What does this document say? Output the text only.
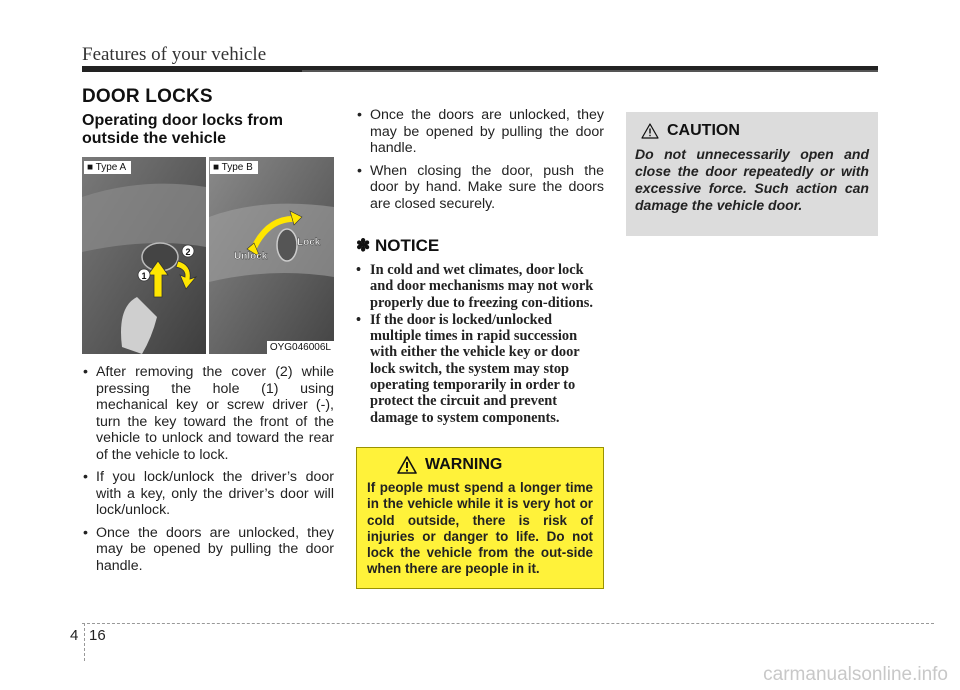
Features of your vehicle
DOOR LOCKS
Operating door locks from outside the vehicle
1
2	Unlock
Lock
■ Type A	■ Type B
OYG046006L
• After removing the cover (2) while pressing the hole (1) using mechanical key or screw driver (-), turn the key toward the front of the vehicle to unlock and toward the rear of the vehicle to lock.
• If you lock/unlock the driver’s door with a key, only the driver’s door will lock/unlock.
• Once the doors are unlocked, they may be opened by pulling the door handle.
• Once the doors are unlocked, they may be opened by pulling the door handle.
• When closing the door, push the door by hand. Make sure the doors are closed securely.
✽ NOTICE
• In cold and wet climates, door lock and door mechanisms may not work properly due to freezing con-ditions.
• If the door is locked/unlocked multiple times in rapid succession with either the vehicle key or door lock switch, the system may stop operating temporarily in order to protect the circuit and prevent damage to system components.
WARNING
If people must spend a longer time in the vehicle while it is very hot or cold outside, there is risk of injuries or danger to life. Do not lock the vehicle from the out-side when there are people in it.
CAUTION
Do not unnecessarily open and close the door repeatedly or with excessive force. Such action can damage the vehicle door.
4 16
carmanualsonline.info
